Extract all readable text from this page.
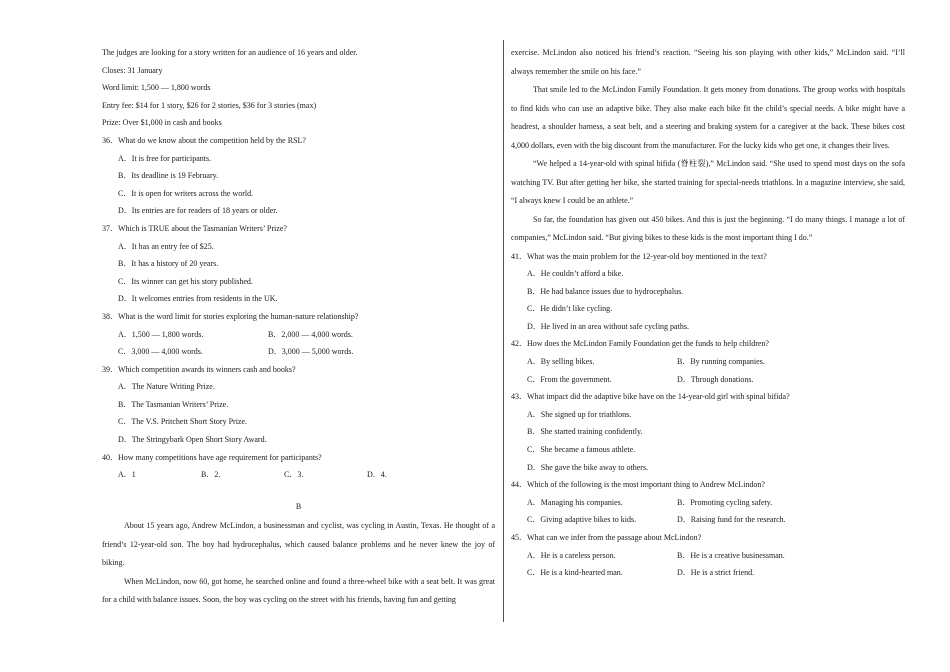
The judges are looking for a story written for an audience of 16 years and older.
Closes: 31 January
Word limit: 1,500 — 1,800 words
Entry fee: $14 for 1 story, $26 for 2 stories, $36 for 3 stories (max)
Prize: Over $1,000 in cash and books
36．What do we know about the competition held by the RSL?
A．It is free for participants.
B．Its deadline is 19 February.
C．It is open for writers across the world.
D．Its entries are for readers of 18 years or older.
37．Which is TRUE about the Tasmanian Writers’ Prize?
A．It has an entry fee of $25.
B．It has a history of 20 years.
C．Its winner can get his story published.
D．It welcomes entries from residents in the UK.
38．What is the word limit for stories exploring the human-nature relationship?
A．1,500 — 1,800 words.	B．2,000 — 4,000 words.
C．3,000 — 4,000 words.	D．3,000 — 5,000 words.
39．Which competition awards its winners cash and books?
A．The Nature Writing Prize.
B．The Tasmanian Writers’ Prize.
C．The V.S. Pritchett Short Story Prize.
D．The Stringybark Open Short Story Award.
40．How many competitions have age requirement for participants?
A．1	B．2.	C．3.	D．4.
B

About 15 years ago, Andrew McLindon, a businessman and cyclist, was cycling in Austin, Texas. He thought of a friend’s 12-year-old son. The boy had hydrocephalus, which caused balance problems and he never knew the joy of biking.

When McLindon, now 60, got home, he searched online and found a three-wheel bike with a seat belt. It was great for a child with balance issues. Soon, the boy was cycling on the street with his friends, having fun and getting

exercise. McLindon also noticed his friend’s reaction. “Seeing his son playing with other kids,” McLindon said. “I’ll always remember the smile on his face.”

That smile led to the McLindon Family Foundation. It gets money from donations. The group works with hospitals to find kids who can use an adaptive bike. They also make each bike fit the child’s special needs. A bike might have a headrest, a shoulder harness, a seat belt, and a steering and braking system for a caregiver at the back. These bikes cost 4,000 dollars, even with the big discount from the manufacturer. For the lucky kids who get one, it changes their lives.

“We helped a 14-year-old with spinal bifida (脊柱裂),” McLindon said. “She used to spend most days on the sofa watching TV. But after getting her bike, she started training for special-needs triathlons. In a magazine interview, she said, “I always knew I could be an athlete.”

So far, the foundation has given out 450 bikes. And this is just the beginning. “I do many things. I manage a lot of companies,” McLindon said. “But giving bikes to these kids is the most important thing I do.”

41．What was the main problem for the 12-year-old boy mentioned in the text?
A．He couldn’t afford a bike.
B．He had balance issues due to hydrocephalus.
C．He didn’t like cycling.
D．He lived in an area without safe cycling paths.
42．How does the McLindon Family Foundation get the funds to help children?
A．By selling bikes.	B．By running companies.
C．From the government.	D．Through donations.
43．What impact did the adaptive bike have on the 14-year-old girl with spinal bifida?
A．She signed up for triathlons.
B．She started training confidently.
C．She became a famous athlete.
D．She gave the bike away to others.
44．Which of the following is the most important thing to Andrew McLindon?
A．Managing his companies.	B．Promoting cycling safety.
C．Giving adaptive bikes to kids.	D．Raising fund for the research.
45．What can we infer from the passage about McLindon?
A．He is a careless person.	B．He is a creative businessman.
C．He is a kind-hearted man.	D．He is a strict friend.
